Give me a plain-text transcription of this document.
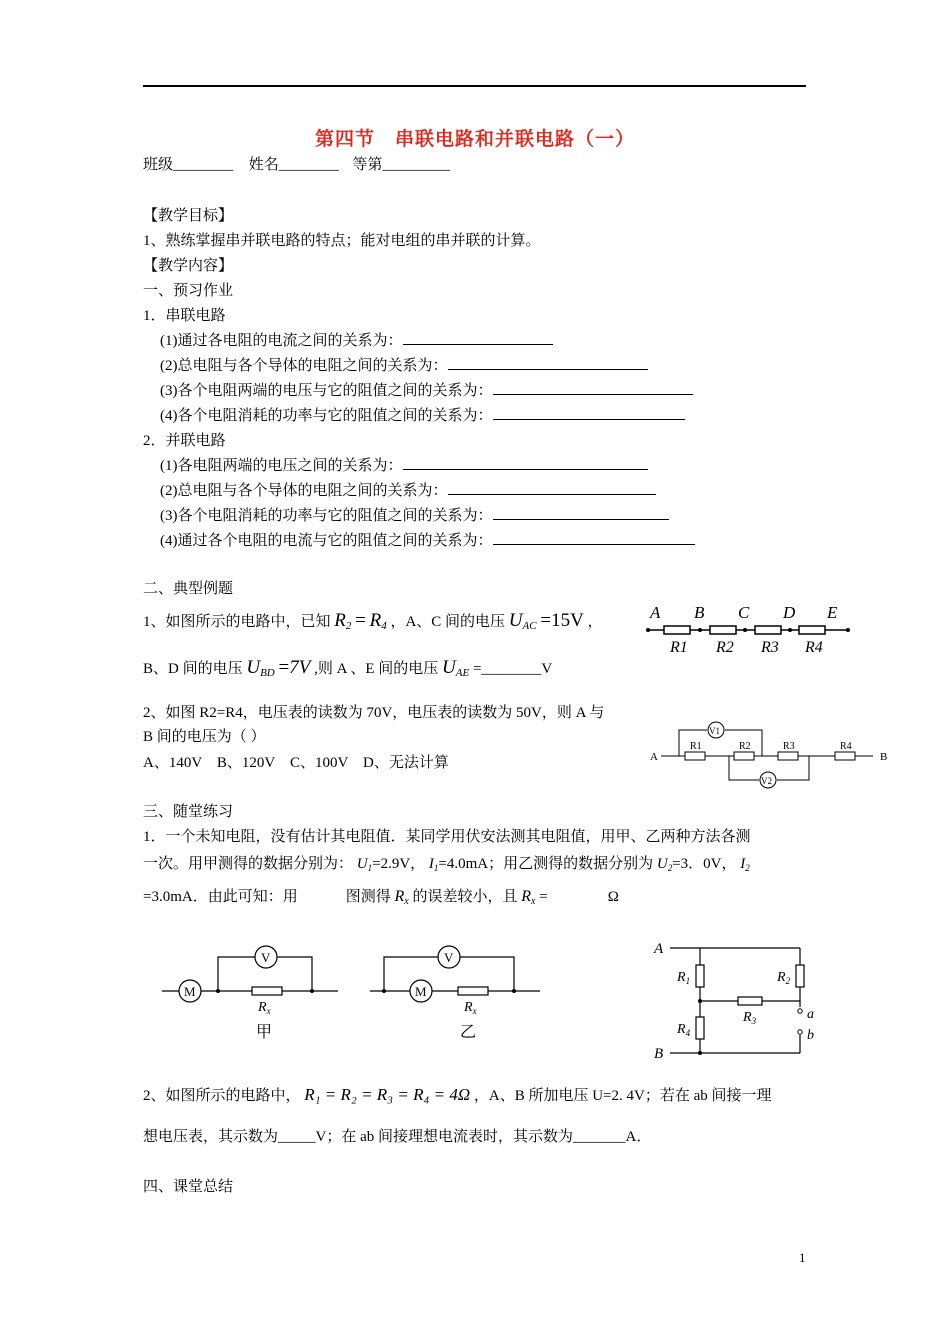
第四节　串联电路和并联电路（一）
班级________ 姓名________ 等第_________
【教学目标】
1、熟练掌握串并联电路的特点；能对电组的串并联的计算。
【教学内容】
一、预习作业
1．串联电路
(1)通过各电阻的电流之间的关系为：
(2)总电阻与各个导体的电阻之间的关系为：
(3)各个电阻两端的电压与它的阻值之间的关系为：
(4)各个电阻消耗的功率与它的阻值之间的关系为：
2．并联电路
(1)各电阻两端的电压之间的关系为：
(2)总电阻与各个导体的电阻之间的关系为：
(3)各个电阻消耗的功率与它的阻值之间的关系为：
(4)通过各个电阻的电流与它的阻值之间的关系为：
二、典型例题
1、如图所示的电路中，已知 $R_2 = R_4$ ，A、C 间的电压 $U_{AC} =15V$ ，
B、D 间的电压 $U_{BD} =7V$ ,则 A 、E 间的电压 $U_{AE}$ =________V
A B C D E
R1 R2 R3 R4
2、如图 R2=R4，电压表的读数为 70V，电压表的读数为 50V，则 A 与
B 间的电压为（ ）
A、140V　B、120V　C、100V　D、无法计算	A	B
R1	R2	R3	R4
V1
V2
三、随堂练习
1．一个未知电阻，没有估计其电阻值．某同学用伏安法测其电阻值，用甲、乙两种方法各测
一次。用甲测得的数据分别为： $U_1=2.9V$， $I_1=4.0mA$；用乙测得的数据分别为 $U_2=3$．0V， $I_2$
=3.0mA．由此可知：用	图测得 $R_x$ 的误差较小，且 $R_x$ =	Ω
M
$R_x$
V
甲
M
$R_x$
V
乙
A
B
$R_1$	$R_2$
$R_3$
$R_4$
a
b
2、如图所示的电路中， R₁ = R₂ = R₃ = R₄ = 4Ω ，A、B 所加电压 U=2. 4V；若在 ab 间接一理
想电压表，其示数为_____V；在 ab 间接理想电流表时，其示数为_______A．
四、课堂总结
1
